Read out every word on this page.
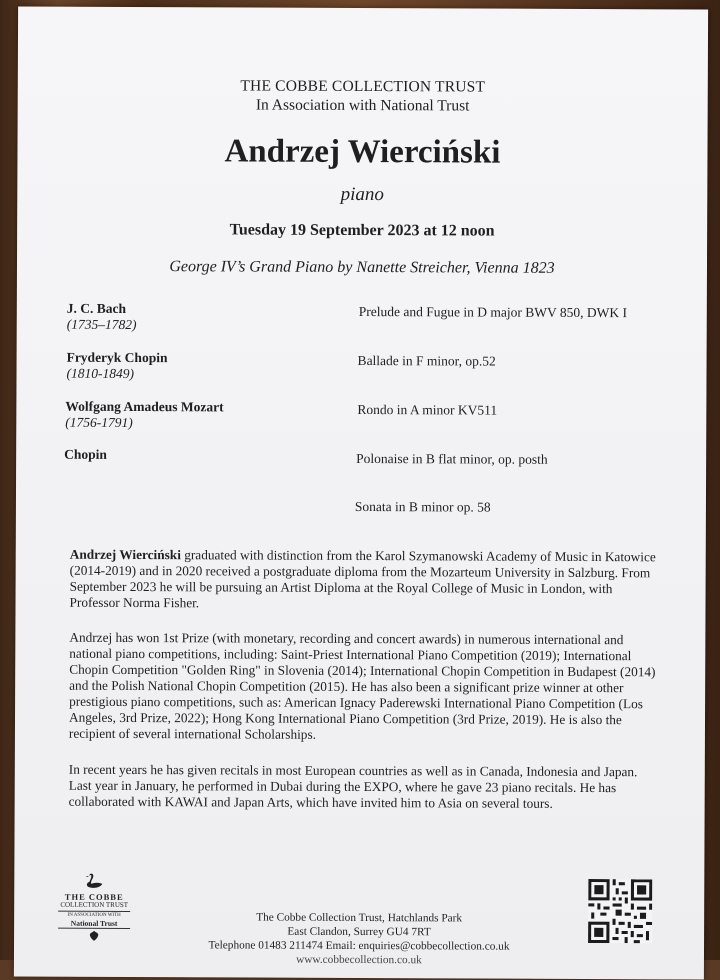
THE COBBE COLLECTION TRUST

In Association with National Trust

Andrzej Wierciński

piano

Tuesday 19 September 2023 at 12 noon

George IV’s Grand Piano by Nanette Streicher, Vienna 1823

J. C. Bach
(1735–1782)
Prelude and Fugue in D major BWV 850, DWK I
Fryderyk Chopin
(1810-1849)
Ballade in F minor, op.52
Wolfgang Amadeus Mozart
(1756-1791)
Rondo in A minor KV511
Chopin	Polonaise in B flat minor, op. posth
Sonata in B minor op. 58

Andrzej Wierciński graduated with distinction from the Karol Szymanowski Academy of Music in Katowice (2014-2019) and in 2020 received a postgraduate diploma from the Mozarteum University in Salzburg. From September 2023 he will be pursuing an Artist Diploma at the Royal College of Music in London, with Professor Norma Fisher.

Andrzej has won 1st Prize (with monetary, recording and concert awards) in numerous international and national piano competitions, including: Saint-Priest International Piano Competition (2019); International Chopin Competition "Golden Ring" in Slovenia (2014); International Chopin Competition in Budapest (2014) and the Polish National Chopin Competition (2015). He has also been a significant prize winner at other prestigious piano competitions, such as: American Ignacy Paderewski International Piano Competition (Los Angeles, 3rd Prize, 2022); Hong Kong International Piano Competition (3rd Prize, 2019). He is also the recipient of several international Scholarships.

In recent years he has given recitals in most European countries as well as in Canada, Indonesia and Japan. Last year in January, he performed in Dubai during the EXPO, where he gave 23 piano recitals. He has collaborated with KAWAI and Japan Arts, which have invited him to Asia on several tours.

THE COBBE
COLLECTION TRUST
IN ASSOCIATION WITH
National Trust	The Cobbe Collection Trust, Hatchlands Park

East Clandon, Surrey GU4 7RT

Telephone 01483 211474 Email: enquiries@cobbecollection.co.uk

www.cobbecollection.co.uk
